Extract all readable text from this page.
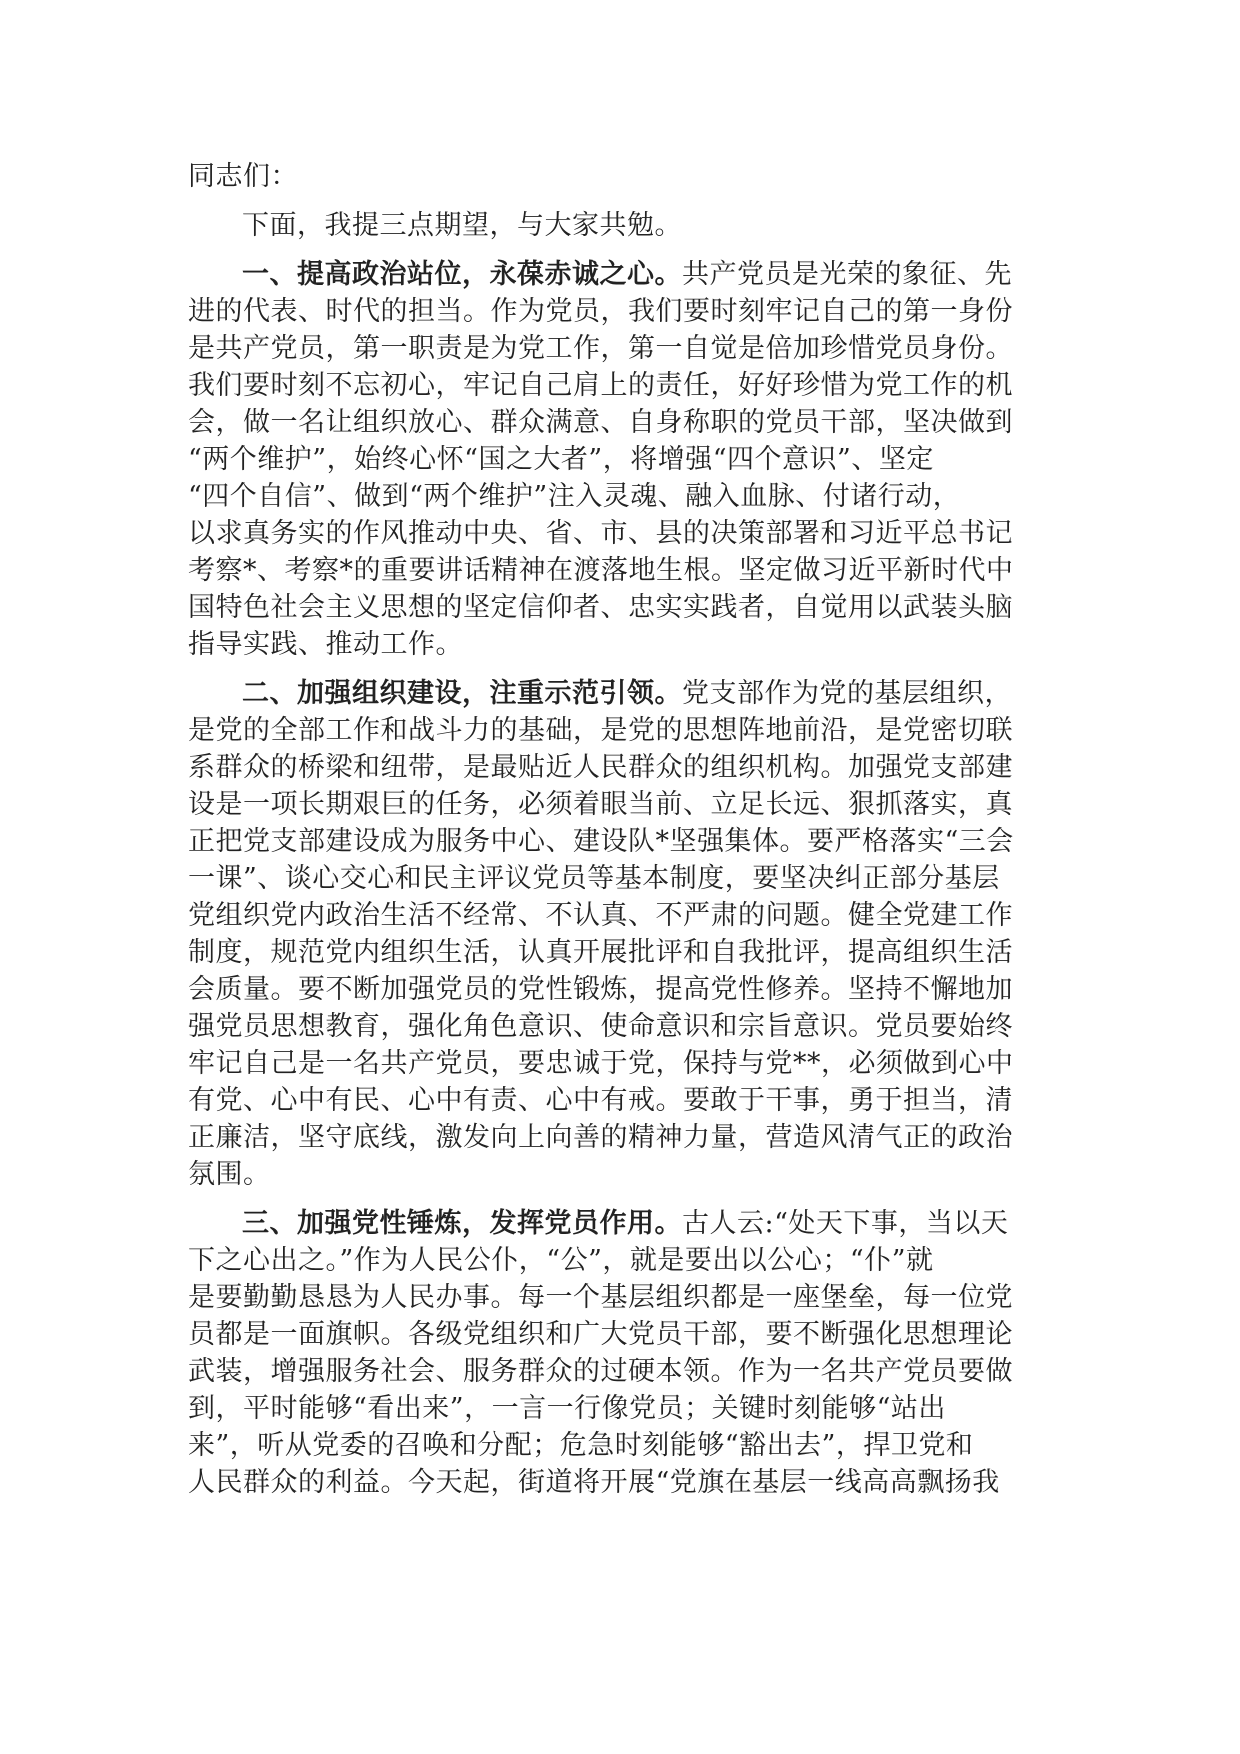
同志们：
下面，我提三点期望，与大家共勉。
一、提高政治站位，永葆赤诚之心。共产党员是光荣的象征、先
进的代表、时代的担当。作为党员，我们要时刻牢记自己的第一身份
是共产党员，第一职责是为党工作，第一自觉是倍加珍惜党员身份。
我们要时刻不忘初心，牢记自己肩上的责任，好好珍惜为党工作的机
会，做一名让组织放心、群众满意、自身称职的党员干部，坚决做到
“两个维护”，始终心怀“国之大者”，将增强“四个意识”、坚定
“四个自信”、做到“两个维护”注入灵魂、融入血脉、付诸行动，
以求真务实的作风推动中央、省、市、县的决策部署和习近平总书记
考察*、考察*的重要讲话精神在渡落地生根。坚定做习近平新时代中
国特色社会主义思想的坚定信仰者、忠实实践者，自觉用以武装头脑
指导实践、推动工作。
二、加强组织建设，注重示范引领。党支部作为党的基层组织，
是党的全部工作和战斗力的基础，是党的思想阵地前沿，是党密切联
系群众的桥梁和纽带，是最贴近人民群众的组织机构。加强党支部建
设是一项长期艰巨的任务，必须着眼当前、立足长远、狠抓落实，真
正把党支部建设成为服务中心、建设队*坚强集体。要严格落实“三会
一课”、谈心交心和民主评议党员等基本制度，要坚决纠正部分基层
党组织党内政治生活不经常、不认真、不严肃的问题。健全党建工作
制度，规范党内组织生活，认真开展批评和自我批评，提高组织生活
会质量。要不断加强党员的党性锻炼，提高党性修养。坚持不懈地加
强党员思想教育，强化角色意识、使命意识和宗旨意识。党员要始终
牢记自己是一名共产党员，要忠诚于党，保持与党**，必须做到心中
有党、心中有民、心中有责、心中有戒。要敢于干事，勇于担当，清
正廉洁，坚守底线，激发向上向善的精神力量，营造风清气正的政治
氛围。
三、加强党性锤炼，发挥党员作用。古人云:“处天下事，当以天
下之心出之。”作为人民公仆，“公”，就是要出以公心；“仆”就
是要勤勤恳恳为人民办事。每一个基层组织都是一座堡垒，每一位党
员都是一面旗帜。各级党组织和广大党员干部，要不断强化思想理论
武装，增强服务社会、服务群众的过硬本领。作为一名共产党员要做
到，平时能够“看出来”，一言一行像党员；关键时刻能够“站出
来”，听从党委的召唤和分配；危急时刻能够“豁出去”，捍卫党和
人民群众的利益。今天起，街道将开展“党旗在基层一线高高飘扬我
